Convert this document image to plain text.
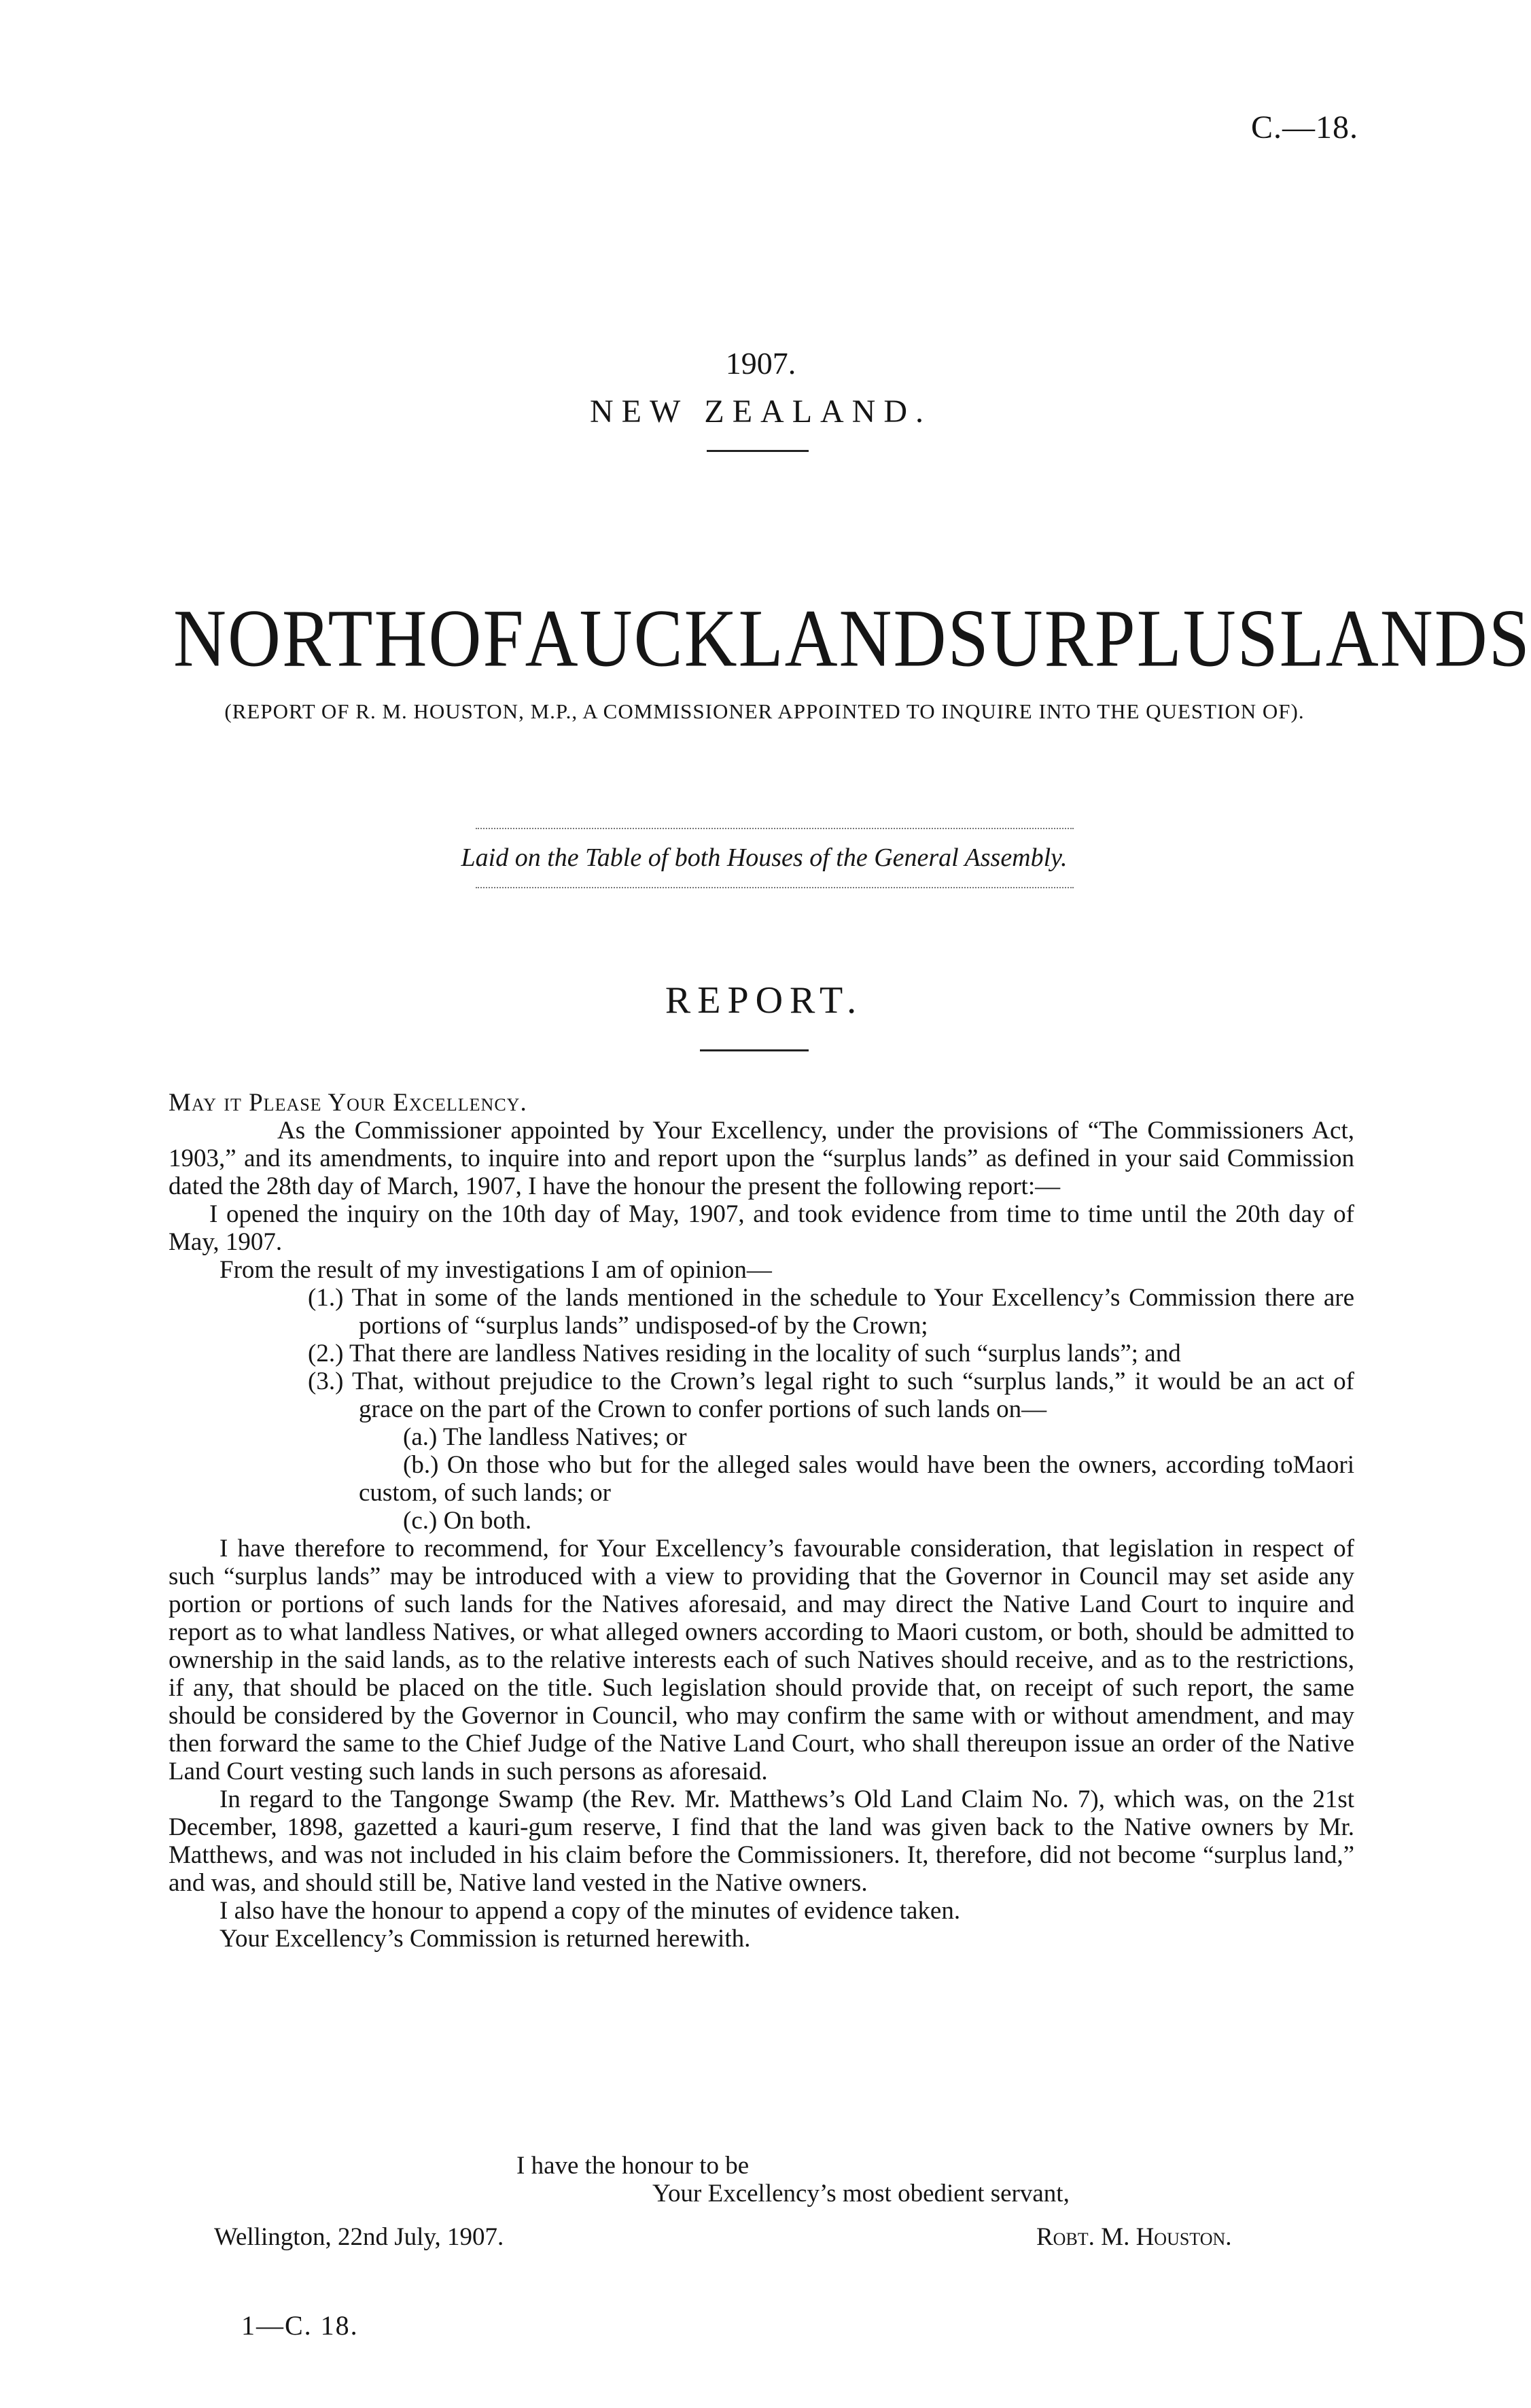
C.—18.
1907.
NEW ZEALAND.
NORTH OF AUCKLAND SURPLUS LANDS
(REPORT OF R. M. HOUSTON, M.P., A COMMISSIONER APPOINTED TO INQUIRE INTO THE QUESTION OF).
Laid on the Table of both Houses of the General Assembly.
REPORT.

May it Please Your Excellency.

As the Commissioner appointed by Your Excellency, under the provisions of “The Commissioners Act, 1903,” and its amendments, to inquire into and report upon the “surplus lands” as defined in your said Commission dated the 28th day of March, 1907, I have the honour the present the following report:—

I opened the inquiry on the 10th day of May, 1907, and took evidence from time to time until the 20th day of May, 1907.

From the result of my investigations I am of opinion—

(1.) That in some of the lands mentioned in the schedule to Your Excellency’s Commission there are portions of “surplus lands” undisposed-of by the Crown;

(2.) That there are landless Natives residing in the locality of such “surplus lands”; and

(3.) That, without prejudice to the Crown’s legal right to such “surplus lands,” it would be an act of grace on the part of the Crown to confer portions of such lands on—

(a.) The landless Natives; or

(b.) On those who but for the alleged sales would have been the owners, according toMaori custom, of such lands; or

(c.) On both.

I have therefore to recommend, for Your Excellency’s favourable consideration, that legislation in respect of such “surplus lands” may be introduced with a view to providing that the Governor in Council may set aside any portion or portions of such lands for the Natives aforesaid, and may direct the Native Land Court to inquire and report as to what landless Natives, or what alleged owners according to Maori custom, or both, should be admitted to ownership in the said lands, as to the relative interests each of such Natives should receive, and as to the restrictions, if any, that should be placed on the title. Such legislation should provide that, on receipt of such report, the same should be considered by the Governor in Council, who may confirm the same with or without amendment, and may then forward the same to the Chief Judge of the Native Land Court, who shall thereupon issue an order of the Native Land Court vesting such lands in such persons as aforesaid.

In regard to the Tangonge Swamp (the Rev. Mr. Matthews’s Old Land Claim No. 7), which was, on the 21st December, 1898, gazetted a kauri-gum reserve, I find that the land was given back to the Native owners by Mr. Matthews, and was not included in his claim before the Commissioners. It, therefore, did not become “surplus land,” and was, and should still be, Native land vested in the Native owners.

I also have the honour to append a copy of the minutes of evidence taken.

Your Excellency’s Commission is returned herewith.

I have the honour to be
Your Excellency’s most obedient servant,
Wellington, 22nd July, 1907.	Robt. M. Houston.
1—C. 18.
